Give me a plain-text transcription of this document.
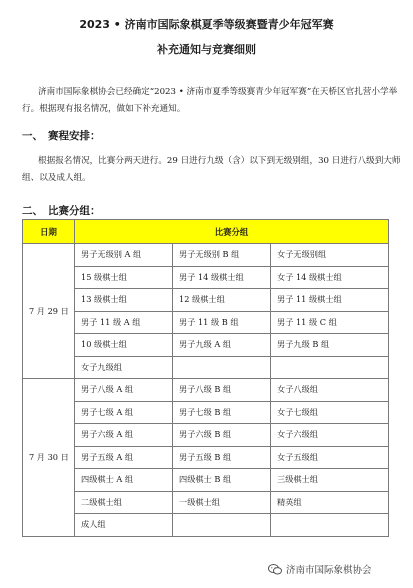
2023 • 济南市国际象棋夏季等级赛暨青少年冠军赛
补充通知与竞赛细则
济南市国际象棋协会已经确定“2023 • 济南市夏季等级赛青少年冠军赛”在天桥区官扎营小学举行。根据现有报名情况，做如下补充通知。
一、 赛程安排：
根据报名情况，比赛分两天进行。29 日进行九级（含）以下到无级别组，30 日进行八级到大师组、以及成人组。
二、 比赛分组：
日期	比赛分组		
7 月 29 日	男子无级别 A 组	男子无级别 B 组	女子无级别组
	15 级棋士组	男子 14 级棋士组	女子 14 级棋士组
	13 级棋士组	12 级棋士组	男子 11 级棋士组
	男子 11 级 A 组	男子 11 级 B 组	男子 11 级 C 组
	10 级棋士组	男子九级 A 组	男子九级 B 组
	女子九级组		
7 月 30 日	男子八级 A 组	男子八级 B 组	女子八级组
	男子七级 A 组	男子七级 B 组	女子七级组
	男子六级 A 组	男子六级 B 组	女子六级组
	男子五级 A 组	男子五级 B 组	女子五级组
	四级棋士 A 组	四级棋士 B 组	三级棋士组
	二级棋士组	一级棋士组	精英组
	成人组		
济南市国际象棋协会
